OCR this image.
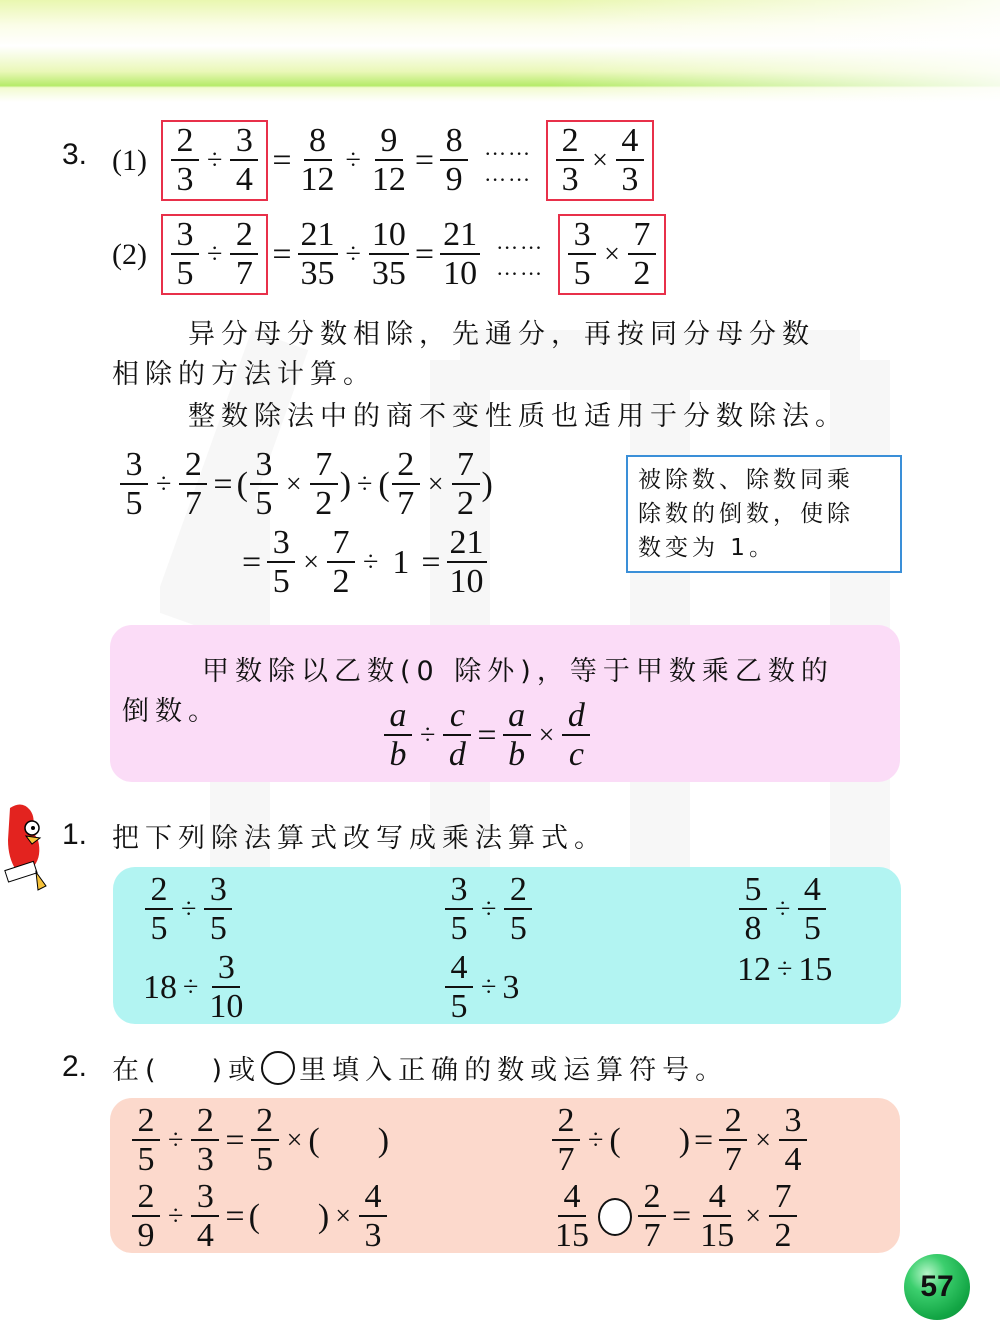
3. $(1) \frac{2}{3} \div \frac{3}{4} = \frac{8}{12} \div \frac{9}{12} = \frac{8}{9}$ ……
…… $\frac{2}{3} \times \frac{4}{3}$
$(2) \frac{3}{5} \div \frac{2}{7} = \frac{21}{35} \div \frac{10}{35} = \frac{21}{10}$ ……
…… $\frac{3}{5} \times \frac{7}{2}$
异分母分数相除，先通分，再按同分母分数
相除的方法计算。
整数除法中的商不变性质也适用于分数除法。
$\frac{3}{5} \div \frac{2}{7}$ = ( $\frac{3}{5} \times \frac{7}{2}$ ) ÷ ( $\frac{2}{7} \times \frac{7}{2}$ )
= $\frac{3}{5} \times \frac{7}{2} \div 1 = \frac{21}{10}$
被除数、除数同乘
除数的倒数，使除
数变为 1。
甲数除以乙数(0 除外)，等于甲数乘乙数的
倒数。	$\frac{a}{b} \div \frac{c}{d} = \frac{a}{b} \times \frac{d}{c}$
1. 把下列除法算式改写成乘法算式。
$\frac{2}{5} \div \frac{3}{5}$	$\frac{3}{5} \div \frac{2}{5}$	$\frac{5}{8} \div \frac{4}{5}$
$18 \div \frac{3}{10}$	$\frac{4}{5} \div 3$	12 ÷ 15
2. 在( )或 里填入正确的数或运算符号。
$\frac{2}{5} \div \frac{2}{3} = \frac{2}{5}$ × ( )	$\frac{2}{7}$ ÷ ( ) = $\frac{2}{7} \times \frac{3}{4}$
$\frac{2}{9} \div \frac{3}{4}$ = ( ) × $\frac{4}{3}$	$\frac{4}{15} \frac{2}{7} = \frac{4}{15} \times \frac{7}{2}$
57
